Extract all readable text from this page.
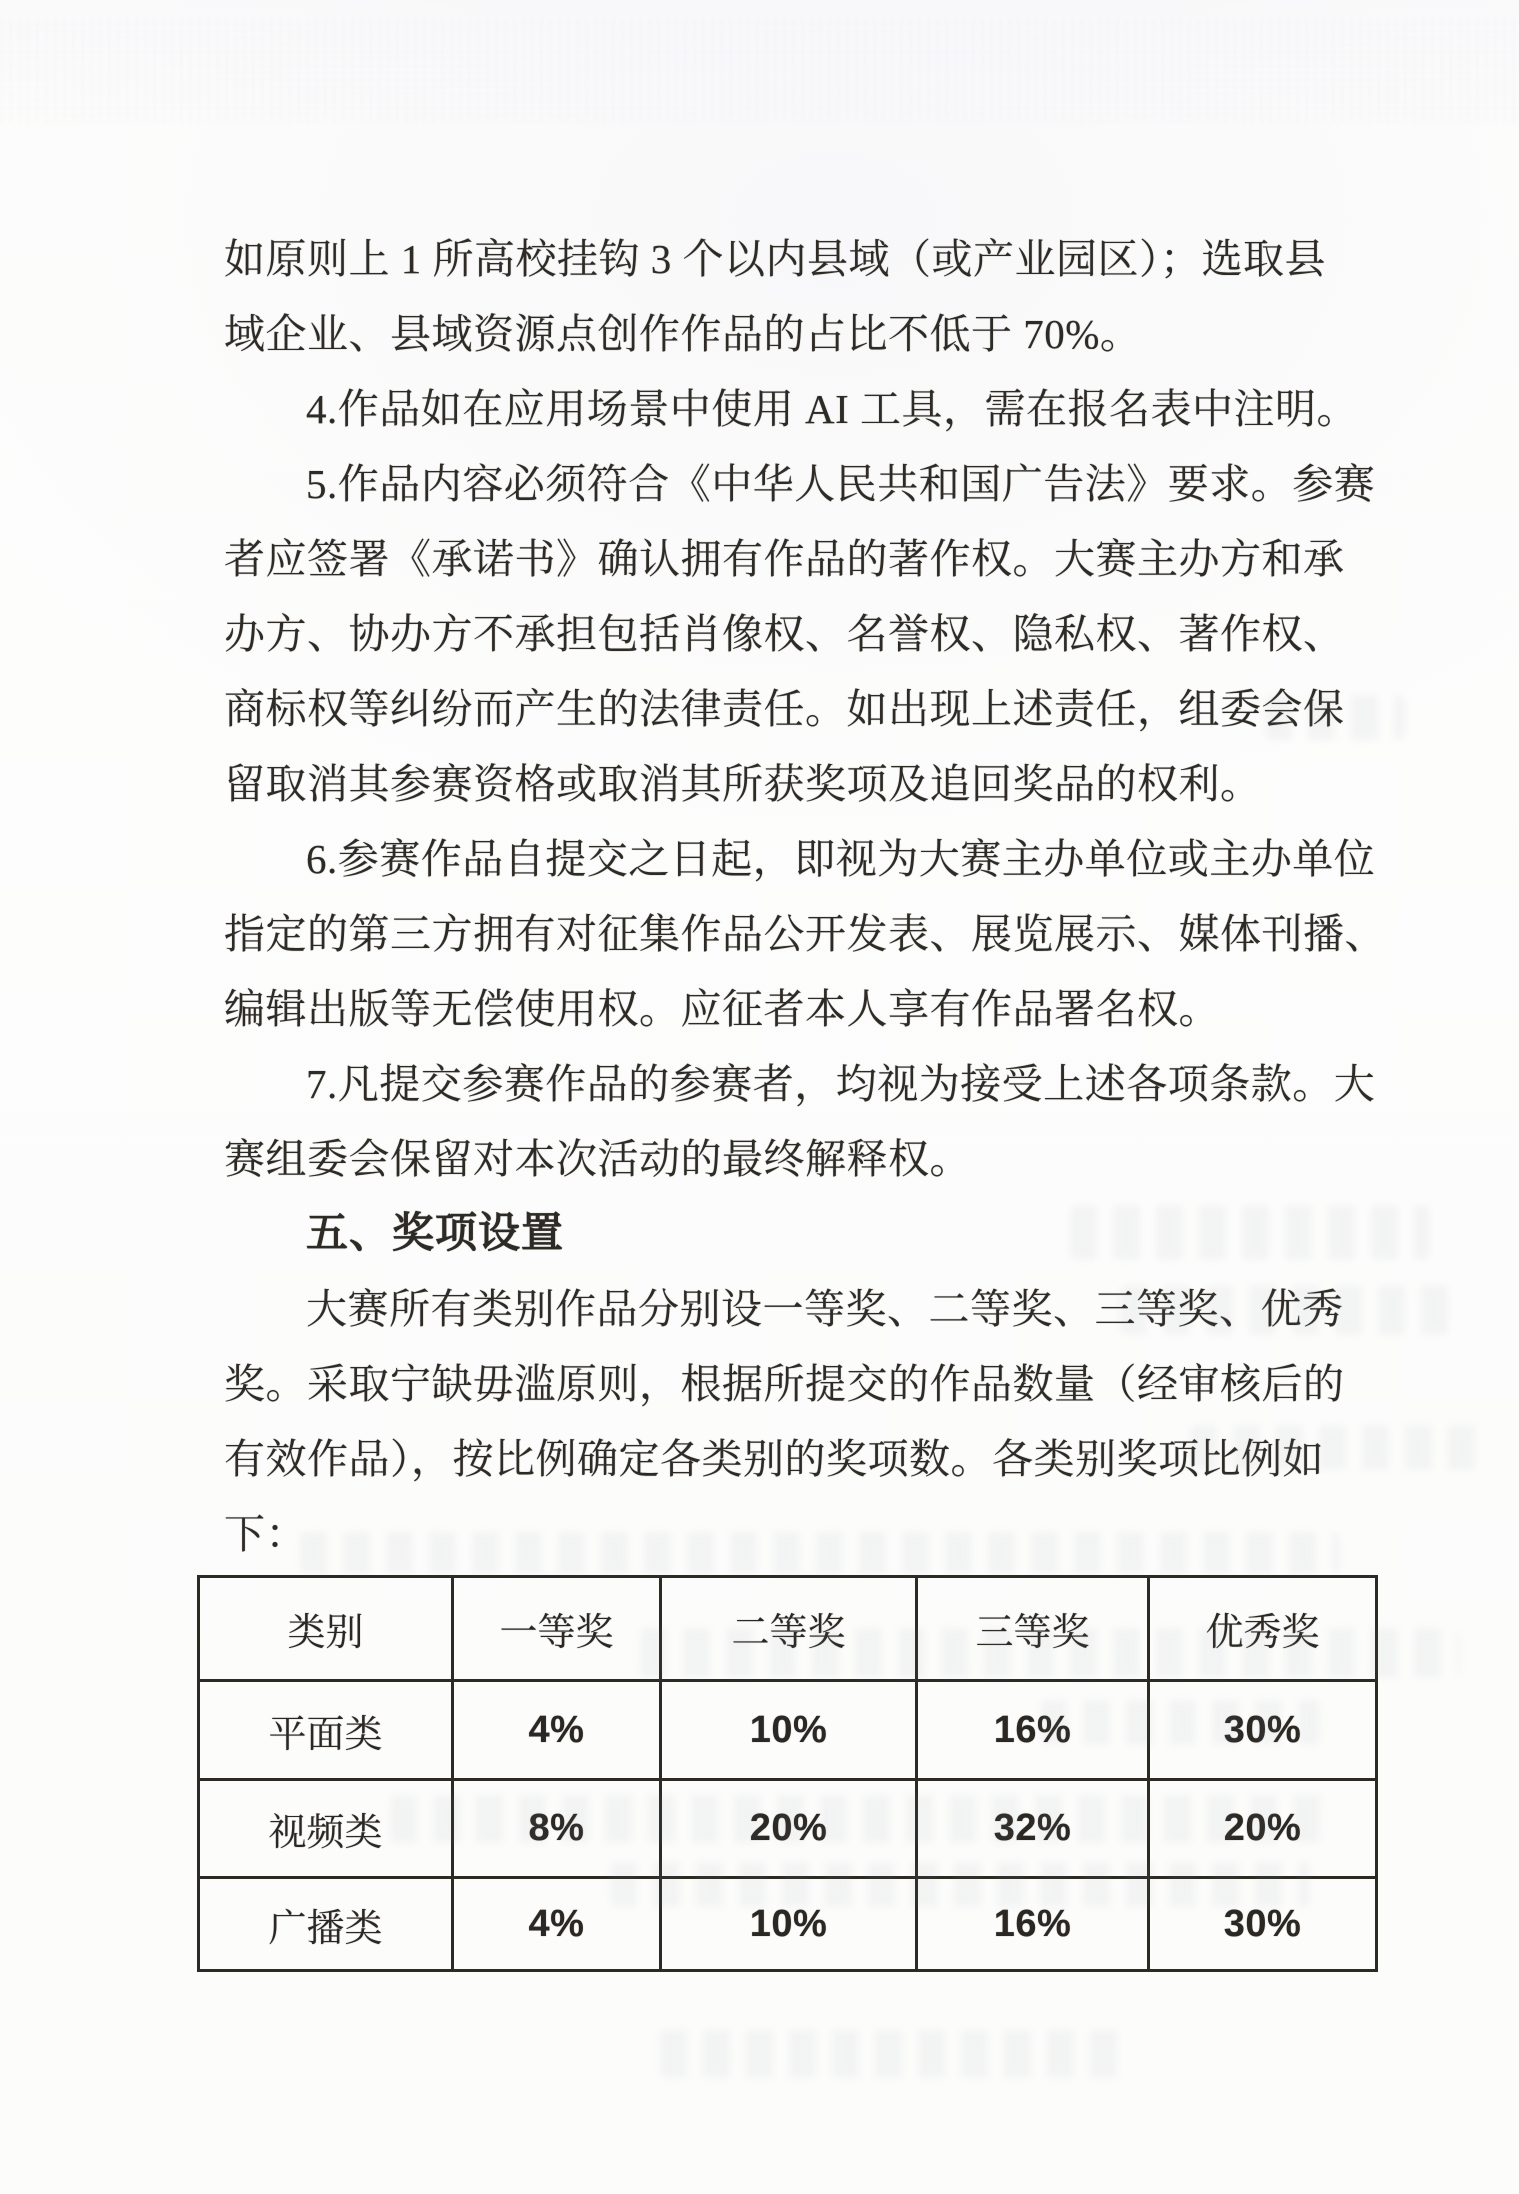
如原则上 1 所高校挂钩 3 个以内县域（或产业园区）；选取县
域企业、县域资源点创作作品的占比不低于 70%。
4.作品如在应用场景中使用 AI 工具，需在报名表中注明。
5.作品内容必须符合《中华人民共和国广告法》要求。参赛
者应签署《承诺书》确认拥有作品的著作权。大赛主办方和承
办方、协办方不承担包括肖像权、名誉权、隐私权、著作权、
商标权等纠纷而产生的法律责任。如出现上述责任，组委会保
留取消其参赛资格或取消其所获奖项及追回奖品的权利。
6.参赛作品自提交之日起，即视为大赛主办单位或主办单位
指定的第三方拥有对征集作品公开发表、展览展示、媒体刊播、
编辑出版等无偿使用权。应征者本人享有作品署名权。
7.凡提交参赛作品的参赛者，均视为接受上述各项条款。大
赛组委会保留对本次活动的最终解释权。
五、奖项设置
大赛所有类别作品分别设一等奖、二等奖、三等奖、优秀
奖。采取宁缺毋滥原则，根据所提交的作品数量（经审核后的
有效作品），按比例确定各类别的奖项数。各类别奖项比例如
下：
类别	一等奖	二等奖	三等奖	优秀奖
平面类	4%	10%	16%	30%
视频类	8%	20%	32%	20%
广播类	4%	10%	16%	30%
